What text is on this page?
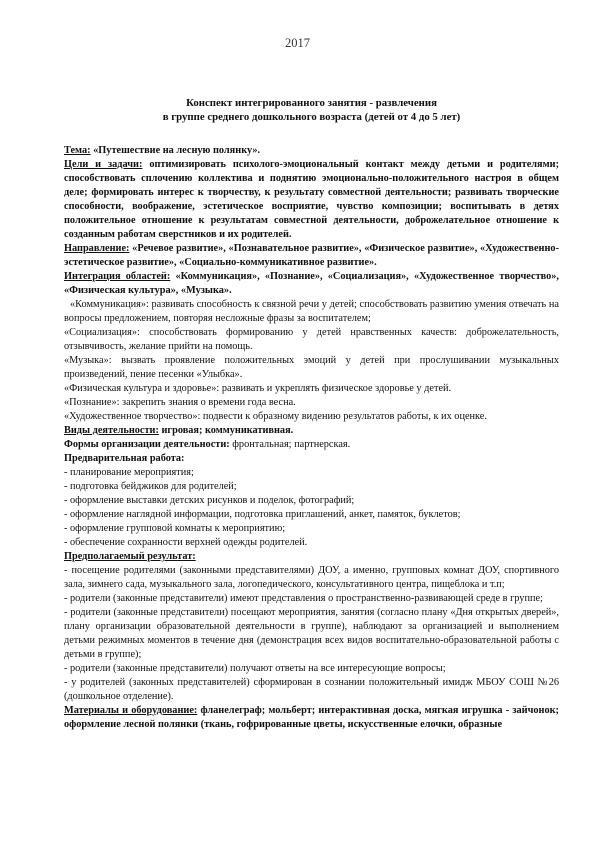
2017
Конспект интегрированного занятия - развлечения
в группе среднего дошкольного возраста (детей от 4 до 5 лет)

Тема: «Путешествие на лесную полянку».

Цели и задачи: оптимизировать психолого-эмоциональный контакт между детьми и родителями; способствовать сплочению коллектива и поднятию эмоционально-положительного настроя в общем деле; формировать интерес к творчеству, к результату совместной деятельности; развивать творческие способности, воображение, эстетическое восприятие, чувство композиции; воспитывать в детях положительное отношение к результатам совместной деятельности, доброжелательное отношение к созданным работам сверстников и их родителей.

Направление: «Речевое развитие», «Познавательное развитие», «Физическое развитие», «Художественно-эстетическое развитие», «Социально-коммуникативное развитие».

Интеграция областей: «Коммуникация», «Познание», «Социализация», «Художественное творчество», «Физическая культура», «Музыка».

«Коммуникация»: развивать способность к связной речи у детей; способствовать развитию умения отвечать на вопросы предложением, повторяя несложные фразы за воспитателем;

«Социализация»: способствовать формированию у детей нравственных качеств: доброжелательность, отзывчивость, желание прийти на помощь.

«Музыка»: вызвать проявление положительных эмоций у детей при прослушивании музыкальных произведений, пение песенки «Улыбка».

«Физическая культура и здоровье»: развивать и укреплять физическое здоровье у детей.

«Познание»: закрепить знания о времени года весна.

«Художественное творчество»: подвести к образному видению результатов работы, к их оценке.

Виды деятельности: игровая; коммуникативная.

Формы организации деятельности: фронтальная; партнерская.

Предварительная работа:

- планирование мероприятия;

- подготовка бейджиков для родителей;

- оформление выставки детских рисунков и поделок, фотографий;

- оформление наглядной информации, подготовка приглашений, анкет, памяток, буклетов;

- оформление групповой комнаты к мероприятию;

- обеспечение сохранности верхней одежды родителей.

Предполагаемый результат:

- посещение родителями (законными представителями) ДОУ, а именно, групповых комнат ДОУ, спортивного зала, зимнего сада, музыкального зала, логопедического, консультативного центра, пищеблока и т.п;

- родители (законные представители) имеют представления о пространственно-развивающей среде в группе;

- родители (законные представители) посещают мероприятия, занятия (согласно плану «Дня открытых дверей», плану организации образовательной деятельности в группе), наблюдают за организацией и выполнением детьми режимных моментов в течение дня (демонстрация всех видов воспитательно-образовательной работы с детьми в группе);

- родители (законные представители) получают ответы на все интересующие вопросы;

- у родителей (законных представителей) сформирован в сознании положительный имидж МБОУ СОШ №26 (дошкольное отделение).

Материалы и оборудование: фланелеграф; мольберт; интерактивная доска, мягкая игрушка - зайчонок; оформление лесной полянки (ткань, гофрированные цветы, искусственные елочки, образные
